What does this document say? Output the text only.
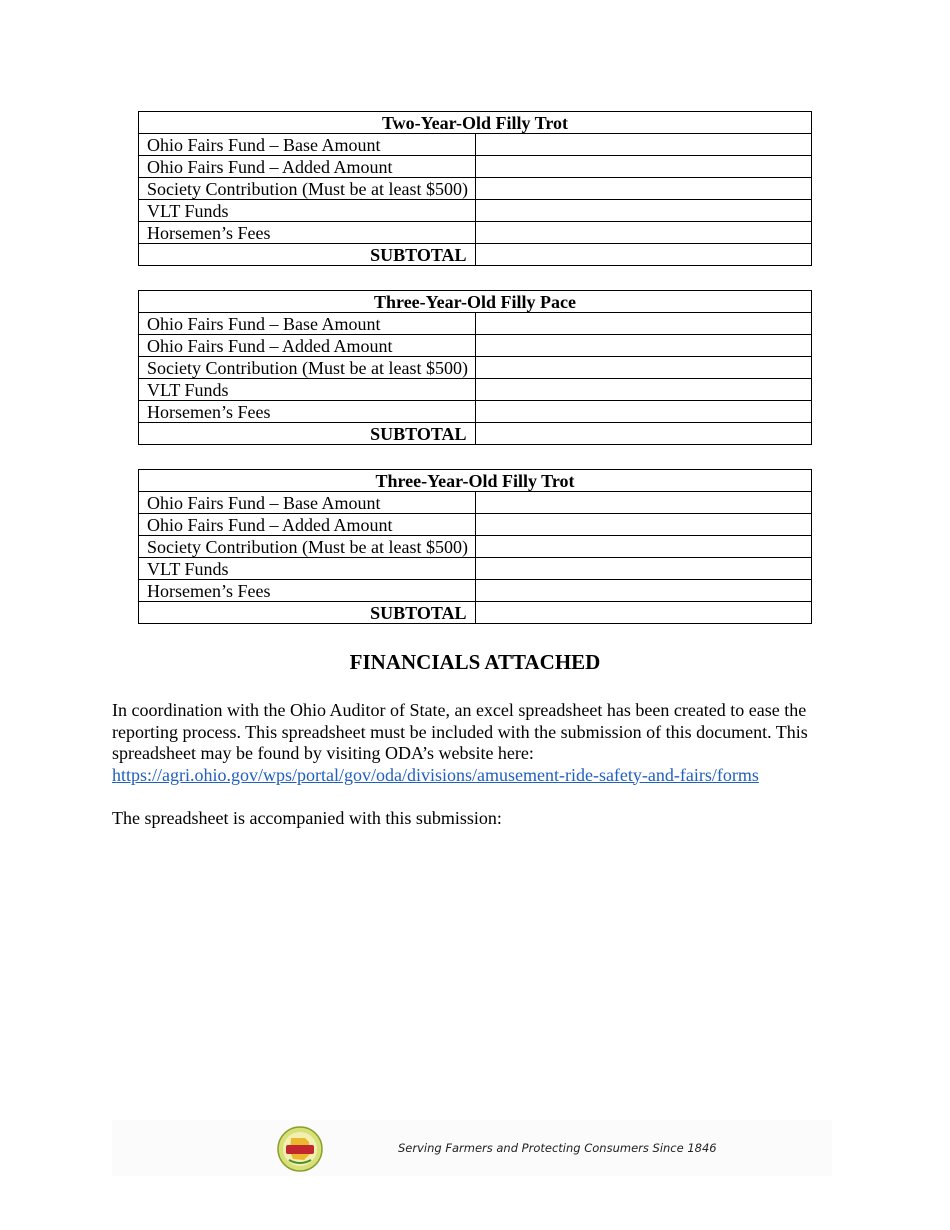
Two-Year-Old Filly Trot	
Ohio Fairs Fund – Base Amount	
Ohio Fairs Fund – Added Amount	
Society Contribution (Must be at least $500)	
VLT Funds	
Horsemen’s Fees	
SUBTOTAL	
Three-Year-Old Filly Pace	
Ohio Fairs Fund – Base Amount	
Ohio Fairs Fund – Added Amount	
Society Contribution (Must be at least $500)	
VLT Funds	
Horsemen’s Fees	
SUBTOTAL	
Three-Year-Old Filly Trot	
Ohio Fairs Fund – Base Amount	
Ohio Fairs Fund – Added Amount	
Society Contribution (Must be at least $500)	
VLT Funds	
Horsemen’s Fees	
SUBTOTAL	
FINANCIALS ATTACHED
In coordination with the Ohio Auditor of State, an excel spreadsheet has been created to ease the reporting process. This spreadsheet must be included with the submission of this document. This spreadsheet may be found by visiting ODA’s website here: https://agri.ohio.gov/wps/portal/gov/oda/divisions/amusement-ride-safety-and-fairs/forms
The spreadsheet is accompanied with this submission:
Serving Farmers and Protecting Consumers Since 1846
